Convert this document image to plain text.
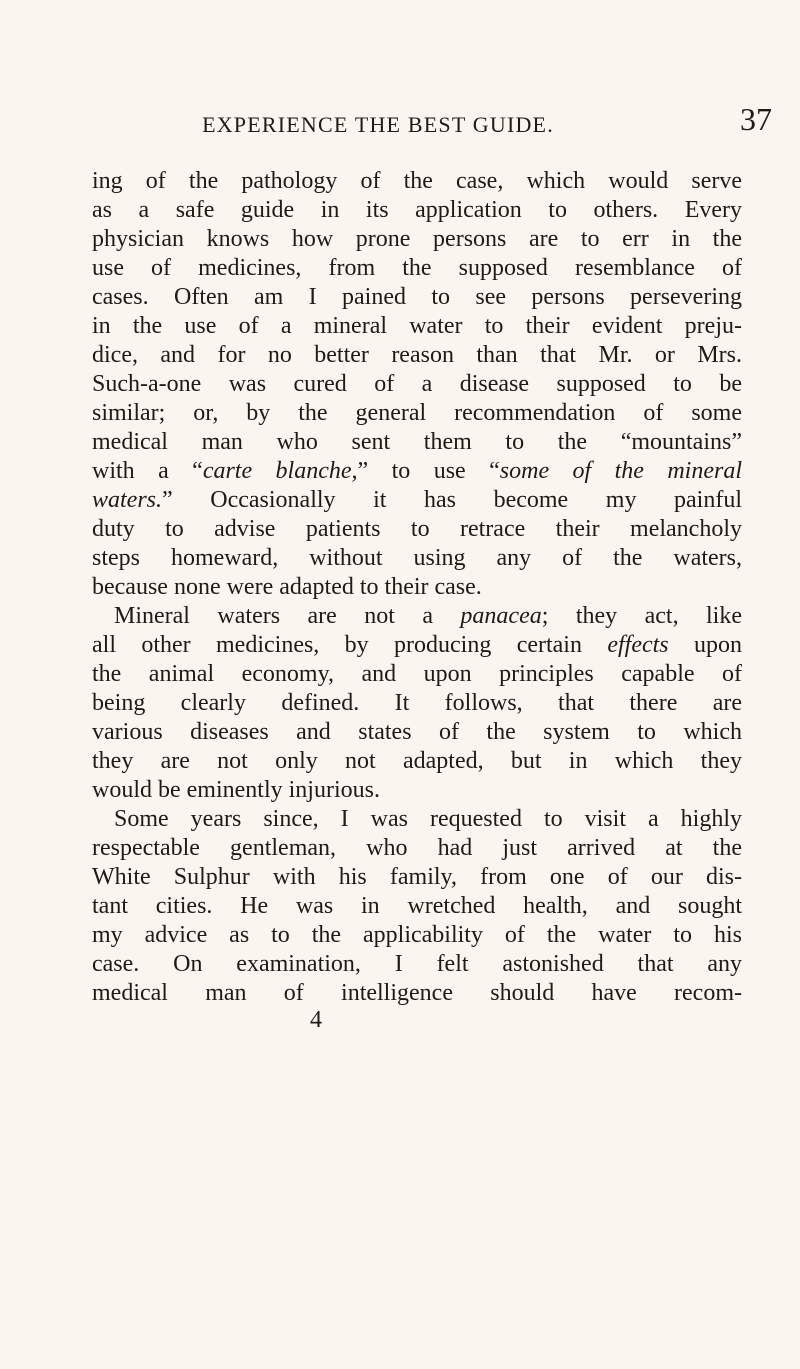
EXPERIENCE THE BEST GUIDE.	37
ing of the pathology of the case, which would serve
as a safe guide in its application to others. Every
physician knows how prone persons are to err in the
use of medicines, from the supposed resemblance of
cases. Often am I pained to see persons persevering
in the use of a mineral water to their evident preju-
dice, and for no better reason than that Mr. or Mrs.
Such-a-one was cured of a disease supposed to be
similar; or, by the general recommendation of some
medical man who sent them to the “mountains”
with a “carte blanche,” to use “some of the mineral
waters.” Occasionally it has become my painful
duty to advise patients to retrace their melancholy
steps homeward, without using any of the waters,
because none were adapted to their case.
Mineral waters are not a panacea; they act, like
all other medicines, by producing certain effects upon
the animal economy, and upon principles capable of
being clearly defined. It follows, that there are
various diseases and states of the system to which
they are not only not adapted, but in which they
would be eminently injurious.
Some years since, I was requested to visit a highly
respectable gentleman, who had just arrived at the
White Sulphur with his family, from one of our dis-
tant cities. He was in wretched health, and sought
my advice as to the applicability of the water to his
case. On examination, I felt astonished that any
medical man of intelligence should have recom-
4
